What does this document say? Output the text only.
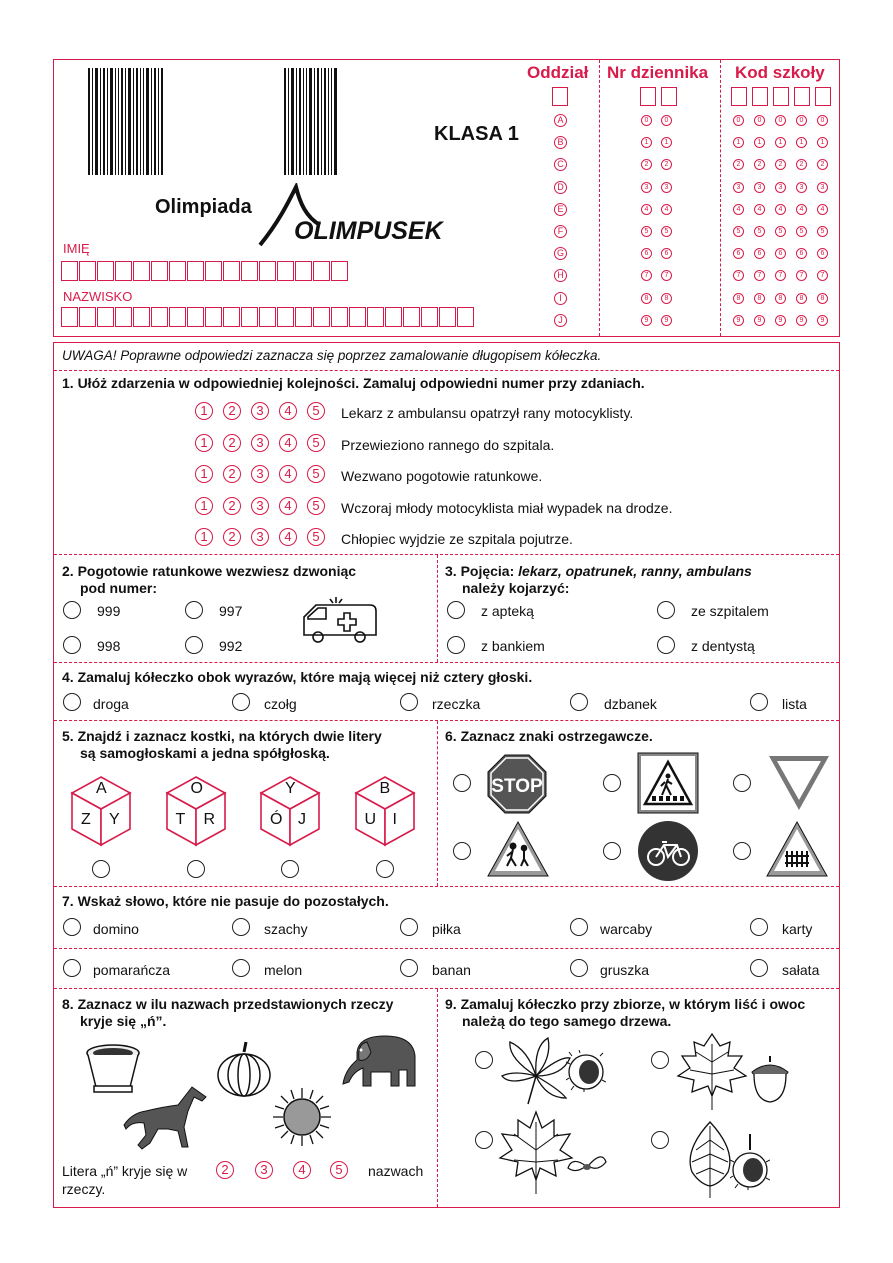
KLASA 1
Olimpiada
OLIMPUSEK
IMIĘ
NAZWISKO
Oddział Nr dziennika Kod szkoły
A
B
C
D
E
F
G
H
I
J
0
1
2
3
4
5
6
7
8
9
0
1
2
3
4
5
6
7
8
9
0
1
2
3
4
5
6
7
8
9
0
1
2
3
4
5
6
7
8
9
0
1
2
3
4
5
6
7
8
9
0
1
2
3
4
5
6
7
8
9
0
1
2
3
4
5
6
7
8
9
UWAGA! Poprawne odpowiedzi zaznacza się poprzez zamalowanie długopisem kółeczka.
1. Ułóż zdarzenia w odpowiedniej kolejności. Zamaluj odpowiedni numer przy zdaniach.
1	2	3	4	5	Lekarz z ambulansu opatrzył rany motocyklisty.
1	2	3	4	5	Przewieziono rannego do szpitala.
1	2	3	4	5	Wezwano pogotowie ratunkowe.
1	2	3	4	5	Wczoraj młody motocyklista miał wypadek na drodze.
1	2	3	4	5	Chłopiec wyjdzie ze szpitala pojutrze.
2. Pogotowie ratunkowe wezwiesz dzwoniąc
pod numer:
999	997
998	992
3. Pojęcia: lekarz, opatrunek, ranny, ambulans
należy kojarzyć:
z apteką	ze szpitalem
z bankiem	z dentystą
4. Zamaluj kółeczko obok wyrazów, które mają więcej niż cztery głoski.
droga	czołg	rzeczka	dzbanek	lista
5. Znajdź i zaznacz kostki, na których dwie litery
są samogłoskami a jedna spółgłoską.
A
Z Y
O
T R
Y
Ó J
B
U I
6. Zaznacz znaki ostrzegawcze.
STOP
7. Wskaż słowo, które nie pasuje do pozostałych.
domino	szachy	piłka	warcaby	karty
pomarańcza	melon	banan	gruszka	sałata
8. Zaznacz w ilu nazwach przedstawionych rzeczy
kryje się „ń”.
Litera „ń” kryje się w
rzeczy.
2	3	4	5	nazwach
9. Zamaluj kółeczko przy zbiorze, w którym liść i owoc
należą do tego samego drzewa.
